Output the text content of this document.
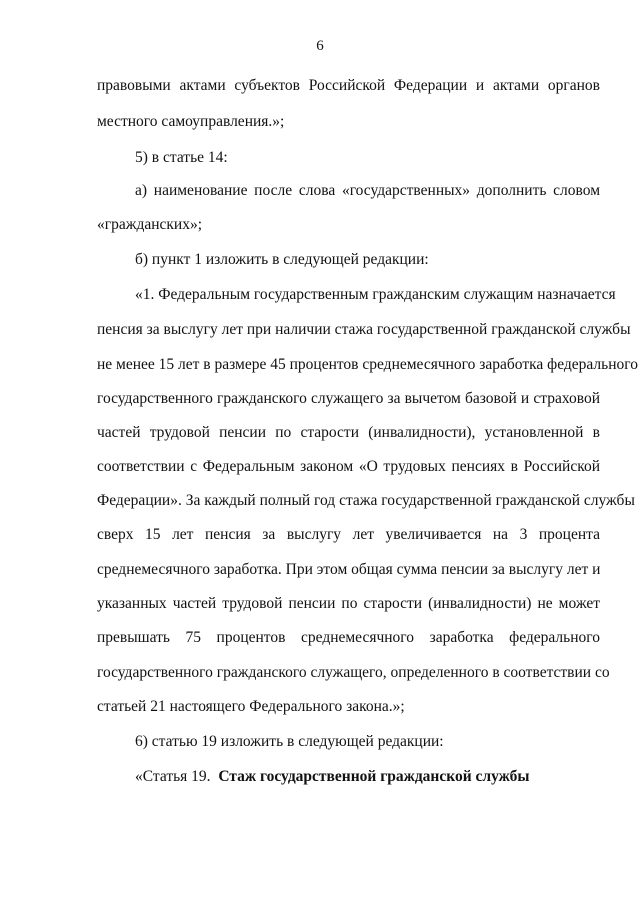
6
правовыми актами субъектов Российской Федерации и актами органов
местного самоуправления.»;
5) в статье 14:
а) наименование после слова «государственных» дополнить словом
«гражданских»;
б) пункт 1 изложить в следующей редакции:
«1. Федеральным государственным гражданским служащим назначается
пенсия за выслугу лет при наличии стажа государственной гражданской службы
не менее 15 лет в размере 45 процентов среднемесячного заработка федерального
государственного гражданского служащего за вычетом базовой и страховой
частей трудовой пенсии по старости (инвалидности), установленной в
соответствии с Федеральным законом «О трудовых пенсиях в Российской
Федерации». За каждый полный год стажа государственной гражданской службы
сверх 15 лет пенсия за выслугу лет увеличивается на 3 процента
среднемесячного заработка. При этом общая сумма пенсии за выслугу лет и
указанных частей трудовой пенсии по старости (инвалидности) не может
превышать 75 процентов среднемесячного заработка федерального
государственного гражданского служащего, определенного в соответствии со
статьей 21 настоящего Федерального закона.»;
6) статью 19 изложить в следующей редакции:
«Статья 19. Стаж государственной гражданской службы
